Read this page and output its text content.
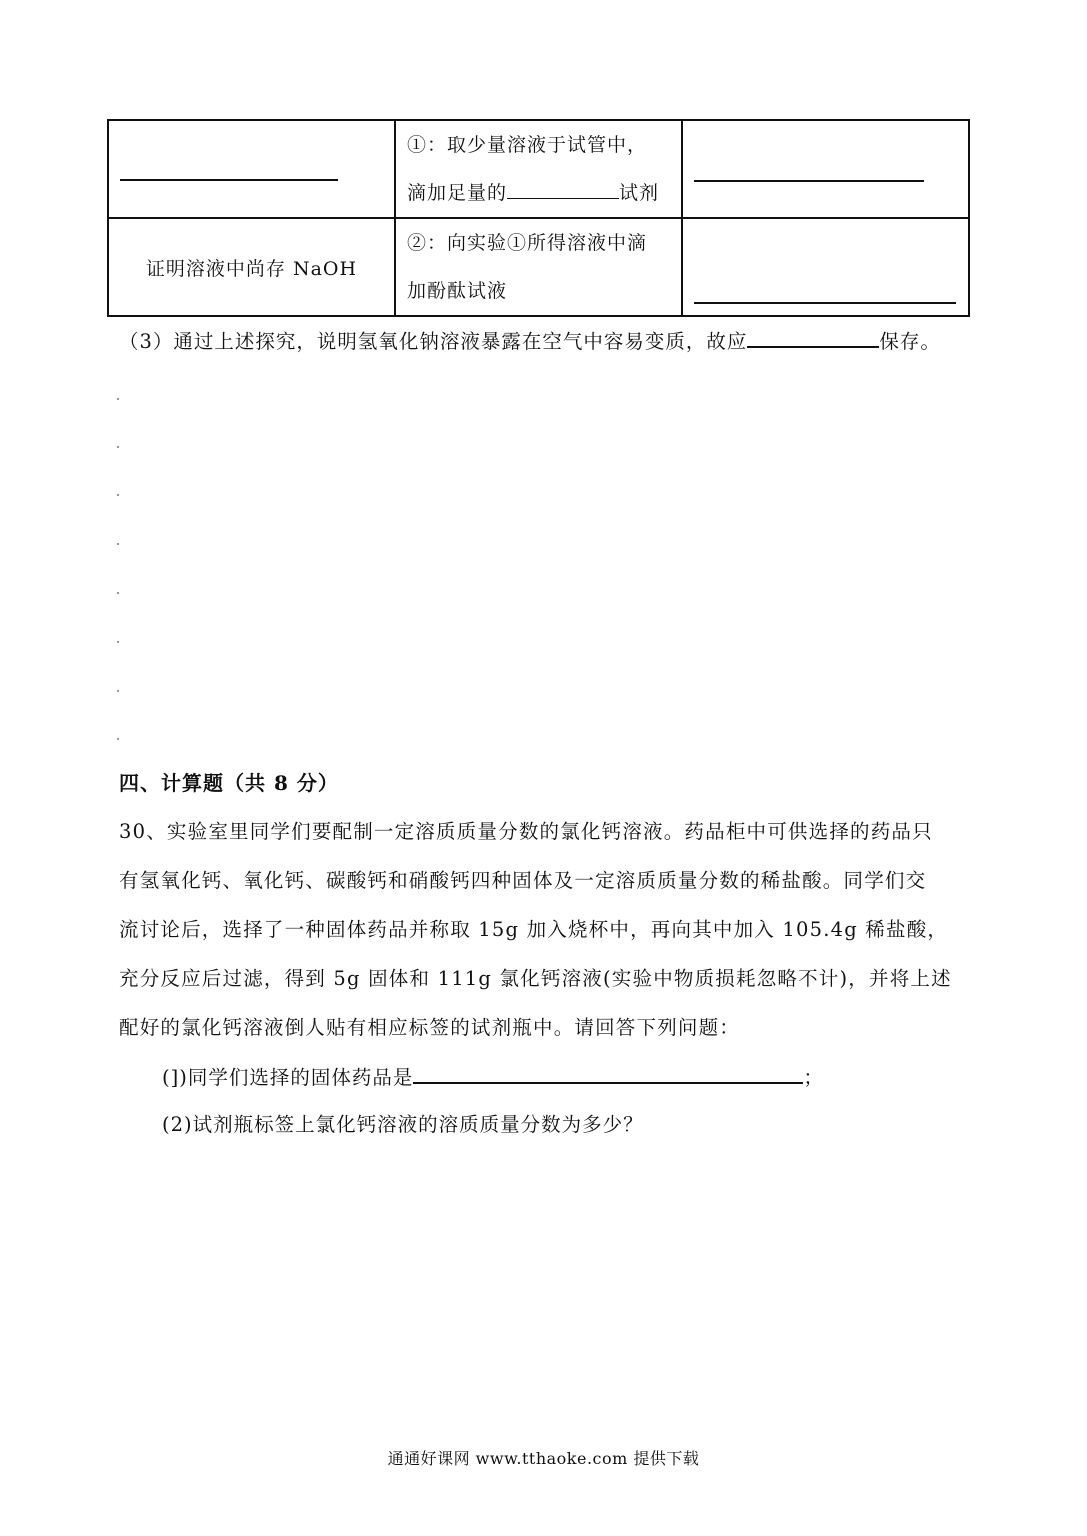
	①：取少量溶液于试管中，
滴加足量的 试剂	

证明溶液中尚存 NaOH	②：向实验①所得溶液中滴
加酚酞试液	

（3）通过上述探究，说明氢氧化钠溶液暴露在空气中容易变质，故应	保存。
四、计算题（共 8 分）
30、实验室里同学们要配制一定溶质质量分数的氯化钙溶液。药品柜中可供选择的药品只
有氢氧化钙、氧化钙、碳酸钙和硝酸钙四种固体及一定溶质质量分数的稀盐酸。同学们交
流讨论后，选择了一种固体药品并称取 15g 加入烧杯中，再向其中加入 105.4g 稀盐酸，
充分反应后过滤，得到 5g 固体和 111g 氯化钙溶液(实验中物质损耗忽略不计)，并将上述
配好的氯化钙溶液倒人贴有相应标签的试剂瓶中。请回答下列问题：
(])同学们选择的固体药品是	；
(2)试剂瓶标签上氯化钙溶液的溶质质量分数为多少？
通通好课网 www.tthaoke.com 提供下载
